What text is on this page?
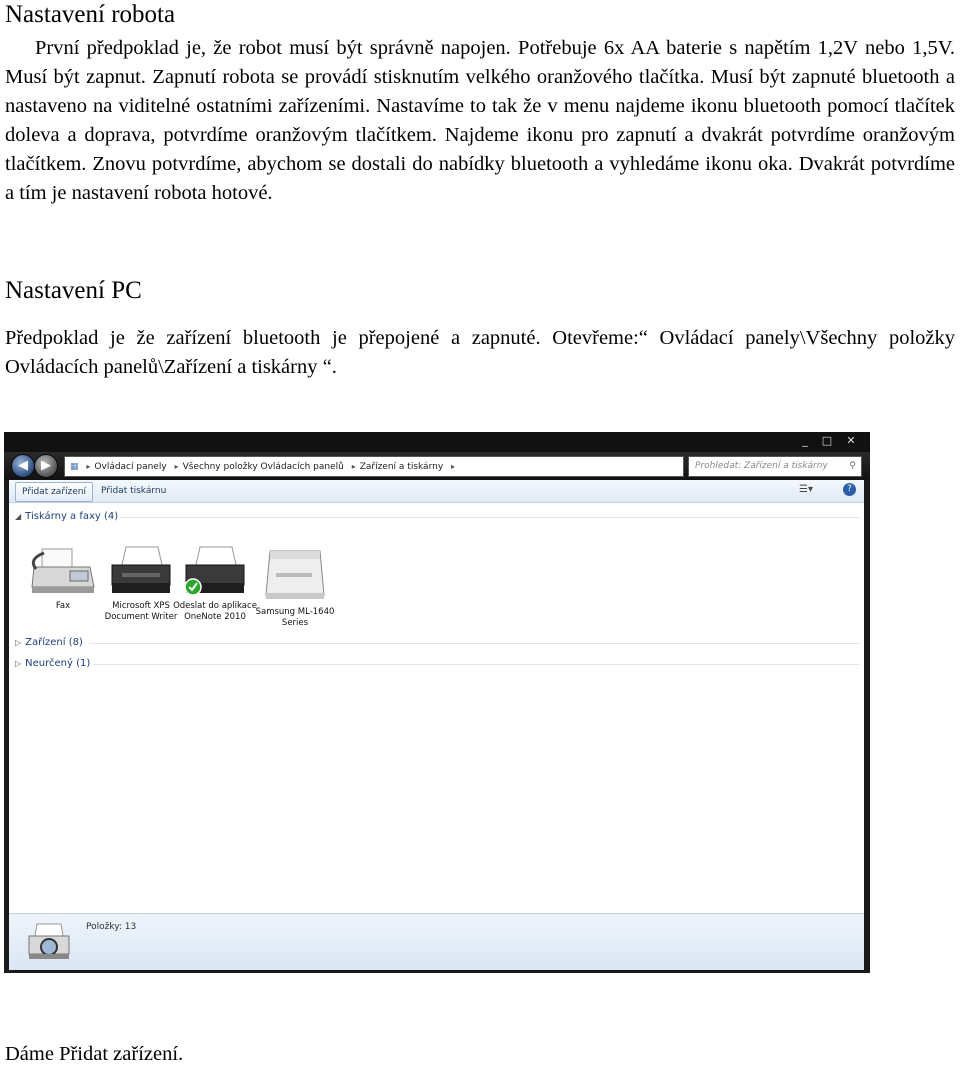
Nastavení robota

První předpoklad je, že robot musí být správně napojen. Potřebuje 6x AA baterie s napětím 1,2V nebo 1,5V. Musí být zapnut. Zapnutí robota se provádí stisknutím velkého oranžového tlačítka. Musí být zapnuté bluetooth a nastaveno na viditelné ostatními zařízeními. Nastavíme to tak že v menu najdeme ikonu bluetooth pomocí tlačítek doleva a doprava, potvrdíme oranžovým tlačítkem. Najdeme ikonu pro zapnutí a dvakrát potvrdíme oranžovým tlačítkem. Znovu potvrdíme, abychom se dostali do nabídky bluetooth a vyhledáme ikonu oka. Dvakrát potvrdíme a tím je nastavení robota hotové.

Nastavení PC

Předpoklad je že zařízení bluetooth je přepojené a zapnuté. Otevřeme:“ Ovládací panely\Všechny položky Ovládacích panelů\Zařízení a tiskárny “.

_	□	✕
◀	▶	▦ ▸ Ovládací panely ▸ Všechny položky Ovládacích panelů ▸ Zařízení a tiskárny ▸	Prohledat: Zařízení a tiskárny ⚲
Přidat zařízení	Přidat tiskárnu	☰▾	?
◢ Tiskárny a faxy (4)
Fax	Microsoft XPS Document Writer
Odeslat do aplikace OneNote 2010	Samsung ML-1640 Series
▷ Zařízení (8)
▷ Neurčený (1)
Položky: 13

Dáme Přidat zařízení.
